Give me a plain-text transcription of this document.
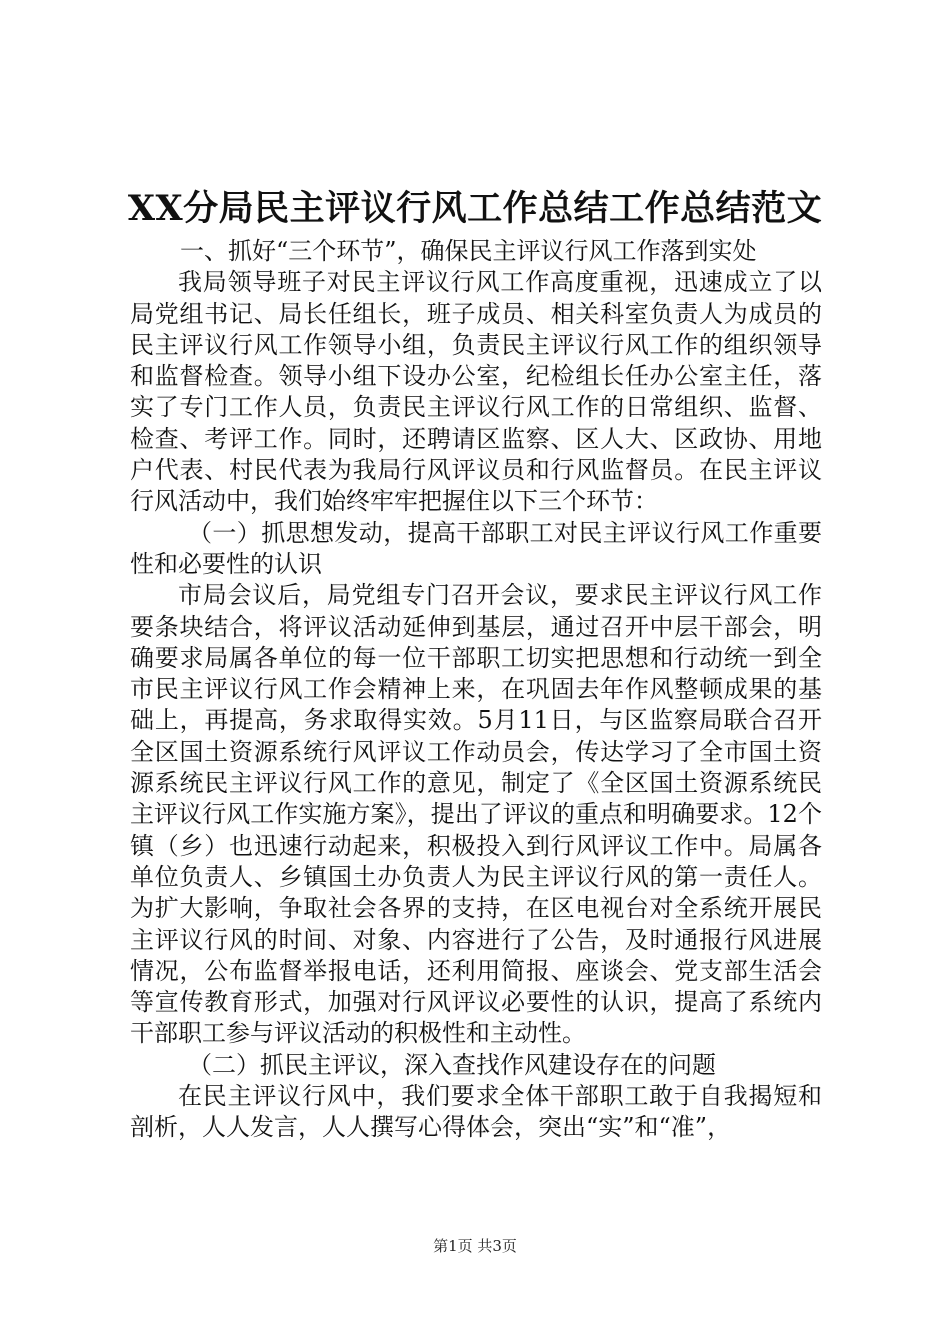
XX分局民主评议行风工作总结工作总结范文

一、抓好“三个环节”，确保民主评议行风工作落到实处

我局领导班子对民主评议行风工作高度重视，迅速成立了以局党组书记、局长任组长，班子成员、相关科室负责人为成员的民主评议行风工作领导小组，负责民主评议行风工作的组织领导和监督检查。领导小组下设办公室，纪检组长任办公室主任，落实了专门工作人员，负责民主评议行风工作的日常组织、监督、检查、考评工作。同时，还聘请区监察、区人大、区政协、用地户代表、村民代表为我局行风评议员和行风监督员。在民主评议行风活动中，我们始终牢牢把握住以下三个环节：

（一）抓思想发动，提高干部职工对民主评议行风工作重要性和必要性的认识

市局会议后，局党组专门召开会议，要求民主评议行风工作要条块结合，将评议活动延伸到基层，通过召开中层干部会，明确要求局属各单位的每一位干部职工切实把思想和行动统一到全市民主评议行风工作会精神上来，在巩固去年作风整顿成果的基础上，再提高，务求取得实效。5月11日，与区监察局联合召开全区国土资源系统行风评议工作动员会，传达学习了全市国土资源系统民主评议行风工作的意见，制定了《全区国土资源系统民主评议行风工作实施方案》，提出了评议的重点和明确要求。12个镇（乡）也迅速行动起来，积极投入到行风评议工作中。局属各单位负责人、乡镇国土办负责人为民主评议行风的第一责任人。为扩大影响，争取社会各界的支持，在区电视台对全系统开展民主评议行风的时间、对象、内容进行了公告，及时通报行风进展情况，公布监督举报电话，还利用简报、座谈会、党支部生活会等宣传教育形式，加强对行风评议必要性的认识，提高了系统内干部职工参与评议活动的积极性和主动性。

（二）抓民主评议，深入查找作风建设存在的问题

在民主评议行风中，我们要求全体干部职工敢于自我揭短和剖析，人人发言，人人撰写心得体会，突出“实”和“准”，

第1页 共3页
